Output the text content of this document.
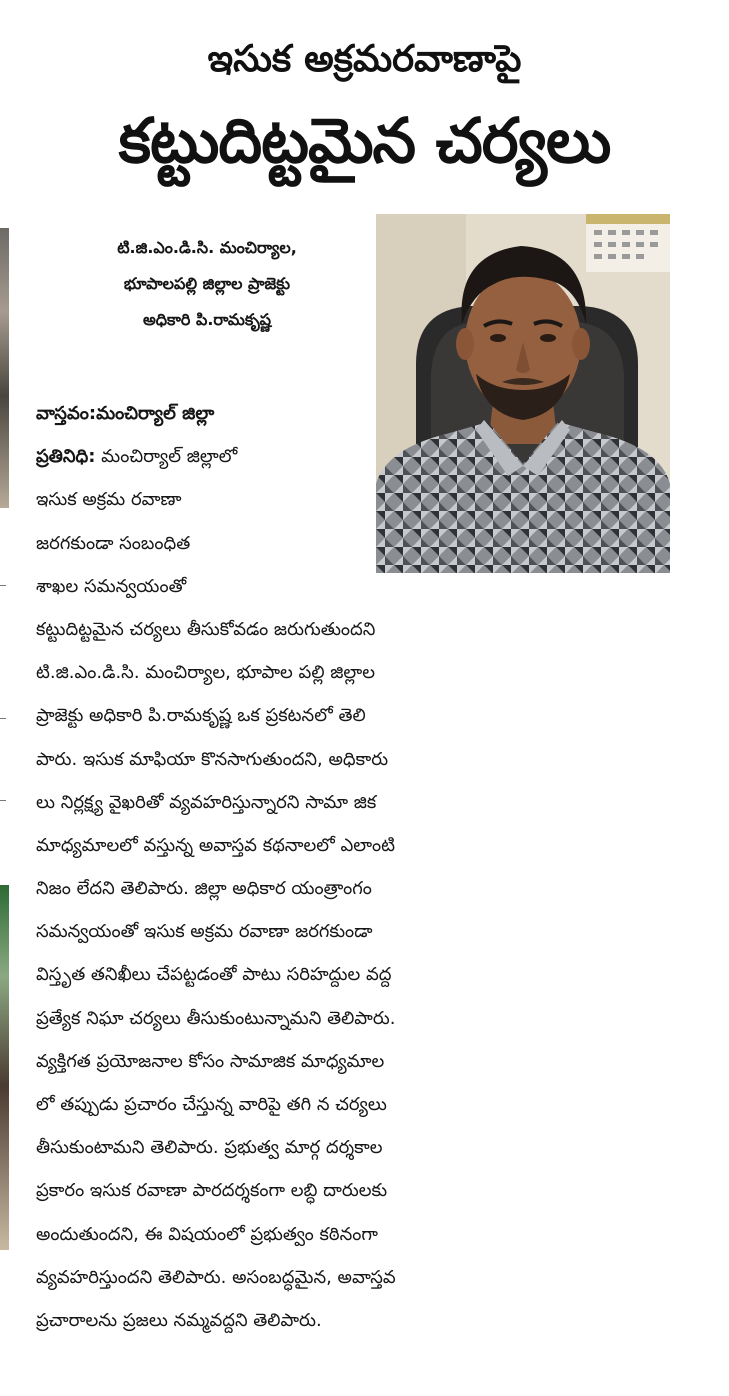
ఇసుక అక్రమరవాణాపై
కట్టుదిట్టమైన చర్యలు
టి.జి.ఎం.డి.సి. మంచిర్యాల,
భూపాలపల్లి జిల్లాల ప్రాజెక్టు
అధికారి పి.రామకృష్ణ
వాస్తవం:మంచిర్యాల్ జిల్లా
ప్రతినిధి: మంచిర్యాల్ జిల్లాలో
ఇసుక అక్రమ రవాణా
జరగకుండా సంబంధిత
శాఖల సమన్వయంతో
కట్టుదిట్టమైన చర్యలు తీసుకోవడం జరుగుతుందని
టి.జి.ఎం.డి.సి. మంచిర్యాల, భూపాల పల్లి జిల్లాల
ప్రాజెక్టు అధికారి పి.రామకృష్ణ ఒక ప్రకటనలో తెలి
పారు. ఇసుక మాఫియా కొనసాగుతుందని, అధికారు
లు నిర్లక్ష్య వైఖరితో వ్యవహరిస్తున్నారని సామా జిక
మాధ్యమాలలో వస్తున్న అవాస్తవ కథనాలలో ఎలాంటి
నిజం లేదని తెలిపారు. జిల్లా అధికార యంత్రాంగం
సమన్వయంతో ఇసుక అక్రమ రవాణా జరగకుండా
విస్తృత తనిఖీలు చేపట్టడంతో పాటు సరిహద్దుల వద్ద
ప్రత్యేక నిఘా చర్యలు తీసుకుంటున్నామని తెలిపారు.
వ్యక్తిగత ప్రయోజనాల కోసం సామాజిక మాధ్యమాల
లో తప్పుడు ప్రచారం చేస్తున్న వారిపై తగి న చర్యలు
తీసుకుంటామని తెలిపారు. ప్రభుత్వ మార్గ దర్శకాల
ప్రకారం ఇసుక రవాణా పారదర్శకంగా లబ్ధి దారులకు
అందుతుందని, ఈ విషయంలో ప్రభుత్వం కఠినంగా
వ్యవహరిస్తుందని తెలిపారు. అసంబద్ధమైన, అవాస్తవ
ప్రచారాలను ప్రజలు నమ్మవద్దని తెలిపారు.
